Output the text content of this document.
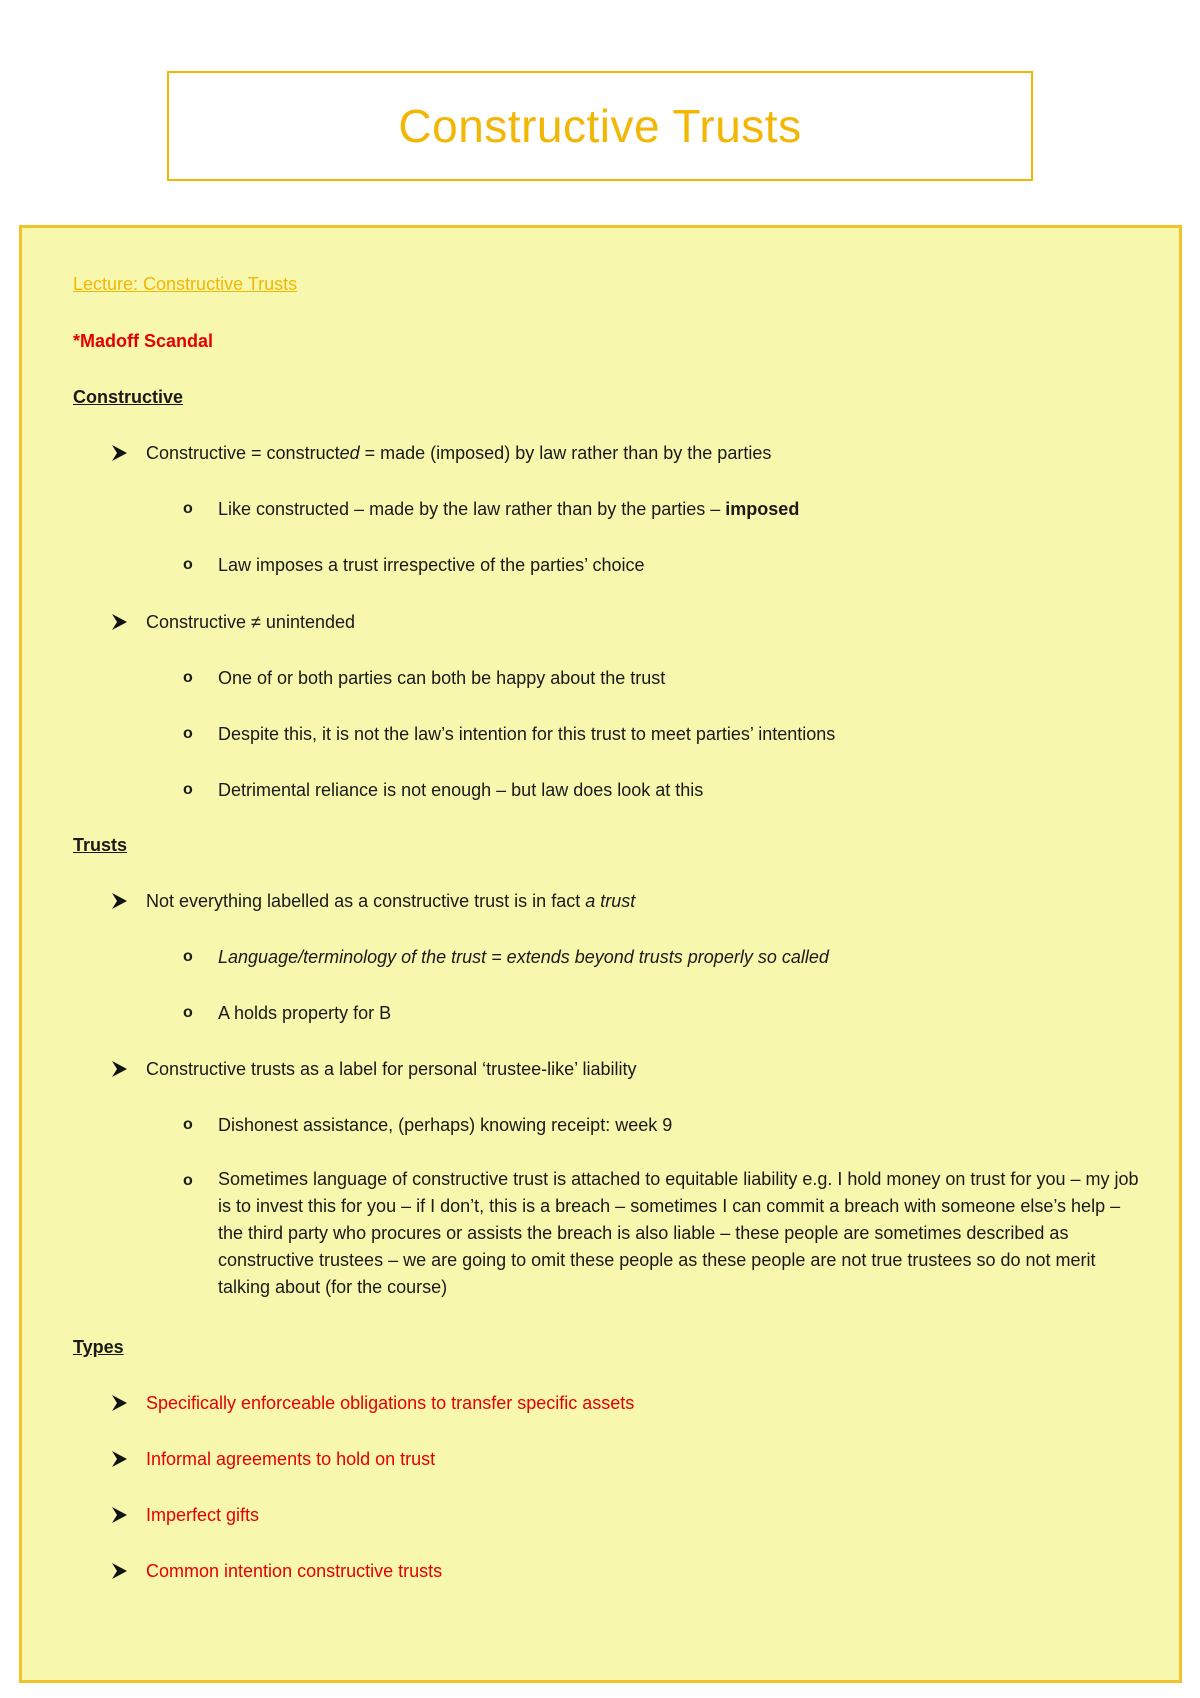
Constructive Trusts
Lecture: Constructive Trusts
*Madoff Scandal
Constructive
Constructive = constructed = made (imposed) by law rather than by the parties
o Like constructed – made by the law rather than by the parties – imposed
o Law imposes a trust irrespective of the parties’ choice
Constructive ≠ unintended
o One of or both parties can both be happy about the trust
o Despite this, it is not the law’s intention for this trust to meet parties’ intentions
o Detrimental reliance is not enough – but law does look at this
Trusts
Not everything labelled as a constructive trust is in fact a trust
o Language/terminology of the trust = extends beyond trusts properly so called
o A holds property for B
Constructive trusts as a label for personal ‘trustee-like’ liability
o Dishonest assistance, (perhaps) knowing receipt: week 9
o Sometimes language of constructive trust is attached to equitable liability e.g. I hold money on trust for you – my job is to invest this for you – if I don’t, this is a breach – sometimes I can commit a breach with someone else’s help – the third party who procures or assists the breach is also liable – these people are sometimes described as constructive trustees – we are going to omit these people as these people are not true trustees so do not merit talking about (for the course)
Types
Specifically enforceable obligations to transfer specific assets
Informal agreements to hold on trust
Imperfect gifts
Common intention constructive trusts
